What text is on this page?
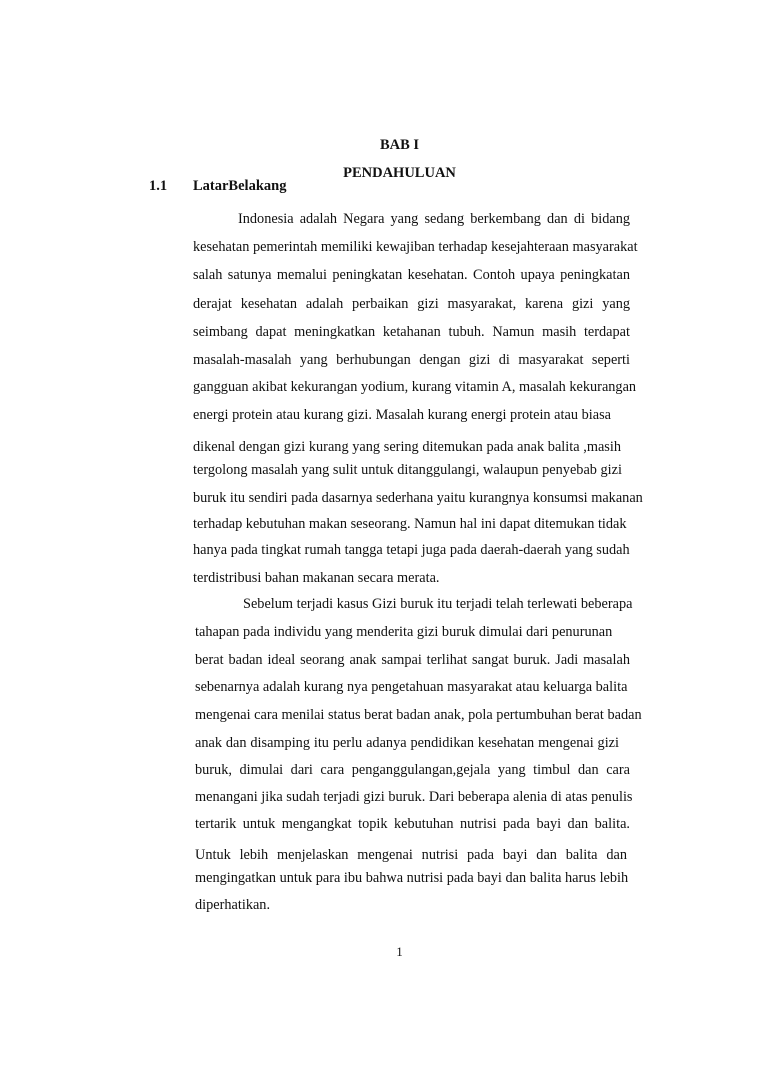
BAB I
PENDAHULUAN
1.1 LatarBelakang
Indonesia adalah Negara yang sedang berkembang dan di bidang
kesehatan pemerintah memiliki kewajiban terhadap kesejahteraan masyarakat
salah satunya memalui peningkatan kesehatan. Contoh upaya peningkatan
derajat kesehatan adalah perbaikan gizi masyarakat, karena gizi yang
seimbang dapat meningkatkan ketahanan tubuh. Namun masih terdapat
masalah-masalah yang berhubungan dengan gizi di masyarakat seperti
gangguan akibat kekurangan yodium, kurang vitamin A, masalah kekurangan
energi protein atau kurang gizi. Masalah kurang energi protein atau biasa
dikenal dengan gizi kurang yang sering ditemukan pada anak balita ,masih
tergolong masalah yang sulit untuk ditanggulangi, walaupun penyebab gizi
buruk itu sendiri pada dasarnya sederhana yaitu kurangnya konsumsi makanan
terhadap kebutuhan makan seseorang. Namun hal ini dapat ditemukan tidak
hanya pada tingkat rumah tangga tetapi juga pada daerah-daerah yang sudah
terdistribusi bahan makanan secara merata.
Sebelum terjadi kasus Gizi buruk itu terjadi telah terlewati beberapa
tahapan pada individu yang menderita gizi buruk dimulai dari penurunan
berat badan ideal seorang anak sampai terlihat sangat buruk. Jadi masalah
sebenarnya adalah kurang nya pengetahuan masyarakat atau keluarga balita
mengenai cara menilai status berat badan anak, pola pertumbuhan berat badan
anak dan disamping itu perlu adanya pendidikan kesehatan mengenai gizi
buruk, dimulai dari cara penganggulangan,gejala yang timbul dan cara
menangani jika sudah terjadi gizi buruk. Dari beberapa alenia di atas penulis
tertarik untuk mengangkat topik kebutuhan nutrisi pada bayi dan balita.
Untuk lebih menjelaskan mengenai nutrisi pada bayi dan balita dan
mengingatkan untuk para ibu bahwa nutrisi pada bayi dan balita harus lebih
diperhatikan.
1
